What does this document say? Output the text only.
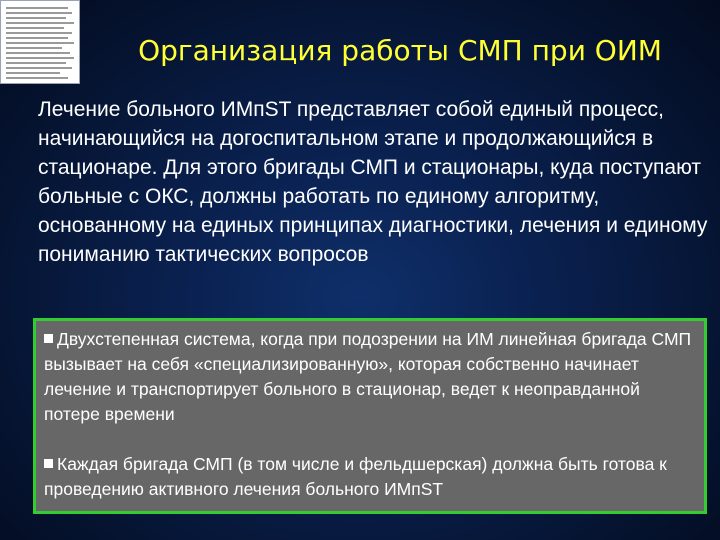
Организация работы СМП при ОИМ

Лечение больного ИМпST представляет собой единый процесс, начинающийся на догоспитальном этапе и продолжающийся в стационаре. Для этого бригады СМП и стационары, куда поступают больные с ОКС, должны работать по единому алгоритму, основанному на единых принципах диагностики, лечения и единому пониманию тактических вопросов

Двухстепенная система, когда при подозрении на ИМ линейная бригада СМП вызывает на себя «специализированную», которая собственно начинает лечение и транспортирует больного в стационар, ведет к неоправданной потере времени

Каждая бригада СМП (в том числе и фельдшерская) должна быть готова к проведению активного лечения больного ИМпST
